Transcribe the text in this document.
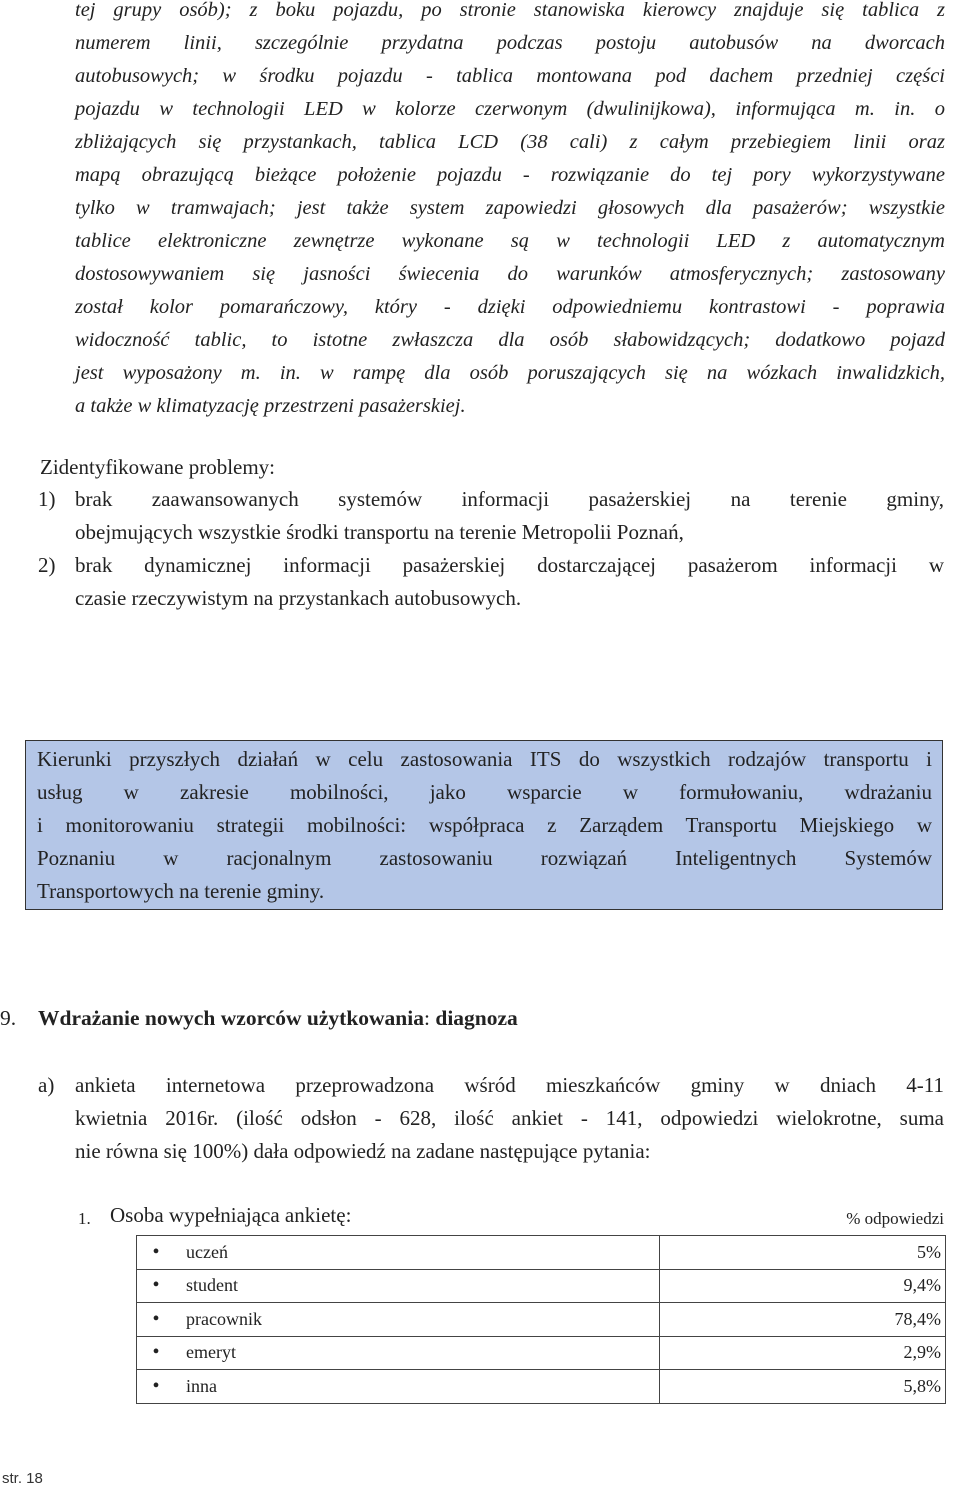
tej grupy osób); z boku pojazdu, po stronie stanowiska kierowcy znajduje się tablica z
numerem linii, szczególnie przydatna podczas postoju autobusów na dworcach
autobusowych; w środku pojazdu - tablica montowana pod dachem przedniej części
pojazdu w technologii LED w kolorze czerwonym (dwulinijkowa), informująca m. in. o
zbliżających się przystankach, tablica LCD (38 cali) z całym przebiegiem linii oraz
mapą obrazującą bieżące położenie pojazdu - rozwiązanie do tej pory wykorzystywane
tylko w tramwajach; jest także system zapowiedzi głosowych dla pasażerów; wszystkie
tablice elektroniczne zewnętrze wykonane są w technologii LED z automatycznym
dostosowywaniem się jasności świecenia do warunków atmosferycznych; zastosowany
został kolor pomarańczowy, który - dzięki odpowiedniemu kontrastowi - poprawia
widoczność tablic, to istotne zwłaszcza dla osób słabowidzących; dodatkowo pojazd
jest wyposażony m. in. w rampę dla osób poruszających się na wózkach inwalidzkich,
a także w klimatyzację przestrzeni pasażerskiej.
Zidentyfikowane problemy:
1) brak zaawansowanych systemów informacji pasażerskiej na terenie gminy,
obejmujących wszystkie środki transportu na terenie Metropolii Poznań,
2) brak dynamicznej informacji pasażerskiej dostarczającej pasażerom informacji w
czasie rzeczywistym na przystankach autobusowych.
Kierunki przyszłych działań w celu zastosowania ITS do wszystkich rodzajów transportu i
usług w zakresie mobilności, jako wsparcie w formułowaniu, wdrażaniu
i monitorowaniu strategii mobilności: współpraca z Zarządem Transportu Miejskiego w
Poznaniu w racjonalnym zastosowaniu rozwiązań Inteligentnych Systemów
Transportowych na terenie gminy.
9. Wdrażanie nowych wzorców użytkowania: diagnoza
a) ankieta internetowa przeprowadzona wśród mieszkańców gminy w dniach 4-11
kwietnia 2016r. (ilość odsłon - 628, ilość ankiet - 141, odpowiedzi wielokrotne, suma
nie równa się 100%) dała odpowiedź na zadane następujące pytania:
1. Osoba wypełniająca ankietę:	% odpowiedzi
•	uczeń	5%
•	student	9,4%
•	pracownik	78,4%
•	emeryt	2,9%
•	inna	5,8%
str. 18
